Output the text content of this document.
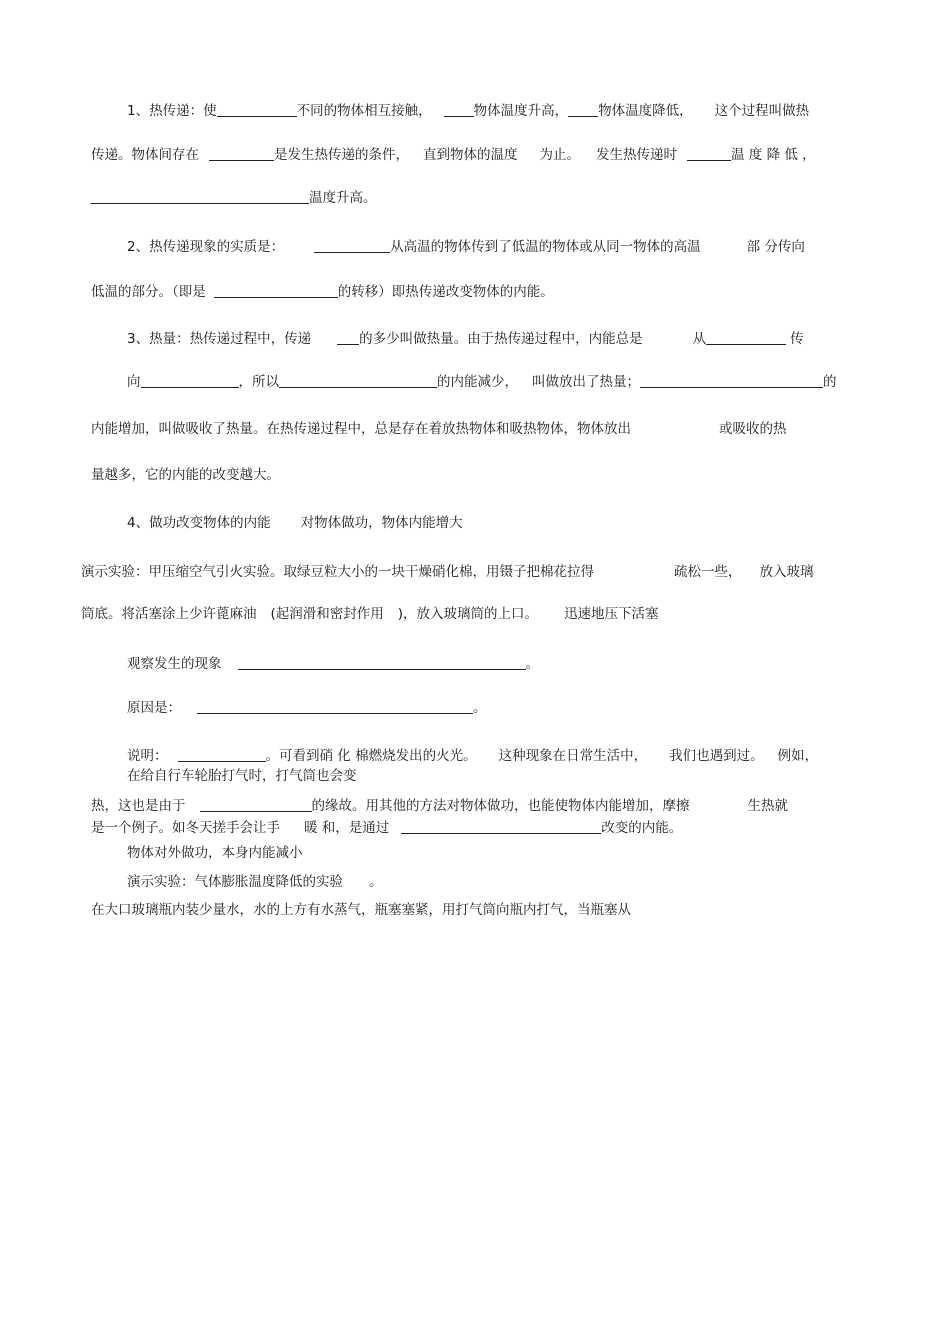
1、热传递：使	不同的物体相互接触，	物体温度升高， 物体温度降低， 这个过程叫做热
传递。物体间存在	是发生热传递的条件， 直到物体的温度 为止。 发生热传递时	温 度 降 低 ，
温度升高。
2、热传递现象的实质是：	从高温的物体传到了低温的物体或从同一物体的高温	部 分传向
低温的部分。（即是	的转移）即热传递改变物体的内能。
3、热量：热传递过程中，传递	的多少叫做热量。由于热传递过程中，内能总是	从	传
向	，所以	的内能减少， 叫做放出了热量；	的
内能增加，叫做吸收了热量。在热传递过程中，总是存在着放热物体和吸热物体，物体放出	或吸收的热
量越多，它的内能的改变越大。
4、做功改变物体的内能 对物体做功，物体内能增大
演示实验：甲压缩空气引火实验。取绿豆粒大小的一块干燥硝化棉，用镊子把棉花拉得	疏松一些， 放入玻璃
筒底。将活塞涂上少许蓖麻油 (起润滑和密封作用 )，放入玻璃筒的上口。 迅速地压下活塞
观察发生的现象	。
原因是：	。
说明：	。可看到硝 化 棉燃烧发出的火光。 这种现象在日常生活中， 我们也遇到过。 例如，
在给自行车轮胎打气时，打气筒也会变
热，这也是由于	的缘故。用其他的方法对物体做功，也能使物体内能增加，摩擦	生热就
是一个例子。如冬天搓手会让手 暖 和，是通过	改变的内能。
物体对外做功，本身内能减小
演示实验：气体膨胀温度降低的实验 。
在大口玻璃瓶内装少量水，水的上方有水蒸气，瓶塞塞紧，用打气筒向瓶内打气，当瓶塞从
